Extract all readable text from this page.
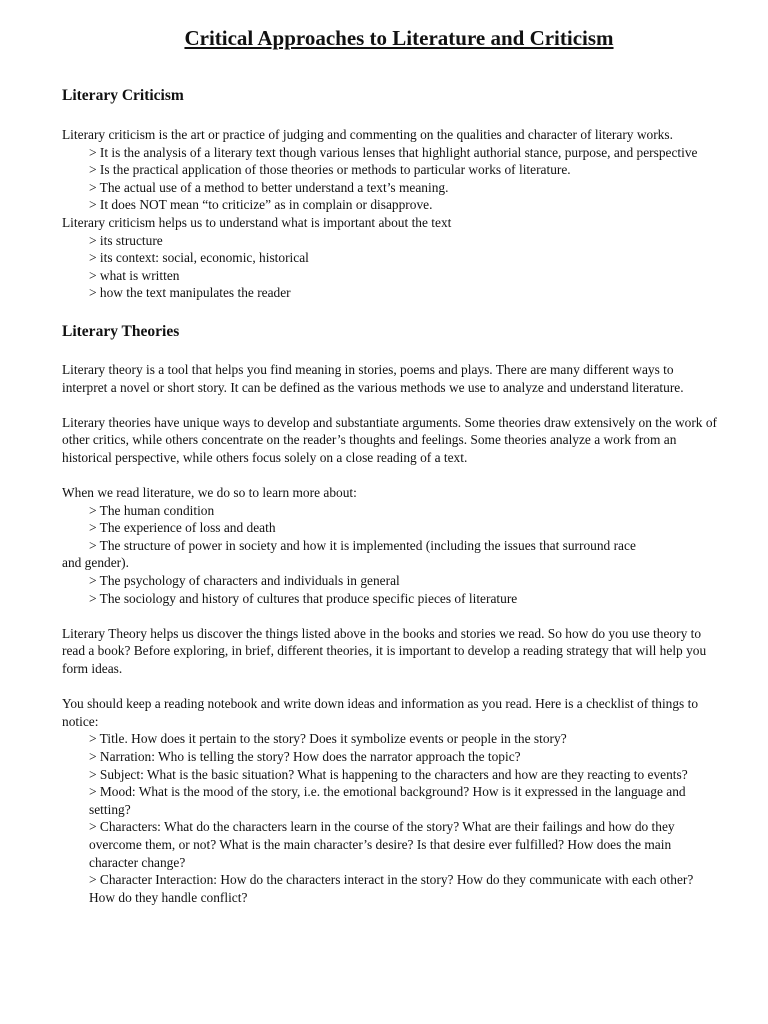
Critical Approaches to Literature and Criticism
Literary Criticism

Literary criticism is the art or practice of judging and commenting on the qualities and character of literary works.

> It is the analysis of a literary text though various lenses that highlight authorial stance, purpose, and perspective

> Is the practical application of those theories or methods to particular works of literature.

> The actual use of a method to better understand a text’s meaning.

> It does NOT mean “to criticize” as in complain or disapprove.

Literary criticism helps us to understand what is important about the text

> its structure

> its context: social, economic, historical

> what is written

> how the text manipulates the reader

Literary Theories

Literary theory is a tool that helps you find meaning in stories, poems and plays. There are many different ways to interpret a novel or short story. It can be defined as the various methods we use to analyze and understand literature.

Literary theories have unique ways to develop and substantiate arguments. Some theories draw extensively on the work of other critics, while others concentrate on the reader’s thoughts and feelings. Some theories analyze a work from an historical perspective, while others focus solely on a close reading of a text.

When we read literature, we do so to learn more about:

> The human condition

> The experience of loss and death

> The structure of power in society and how it is implemented (including the issues that surround race

and gender).

> The psychology of characters and individuals in general

> The sociology and history of cultures that produce specific pieces of literature

Literary Theory helps us discover the things listed above in the books and stories we read. So how do you use theory to read a book? Before exploring, in brief, different theories, it is important to develop a reading strategy that will help you form ideas.

You should keep a reading notebook and write down ideas and information as you read. Here is a checklist of things to notice:

> Title. How does it pertain to the story? Does it symbolize events or people in the story?

> Narration: Who is telling the story? How does the narrator approach the topic?

> Subject: What is the basic situation? What is happening to the characters and how are they reacting to events?

> Mood: What is the mood of the story, i.e. the emotional background? How is it expressed in the language and setting?

> Characters: What do the characters learn in the course of the story? What are their failings and how do they overcome them, or not? What is the main character’s desire? Is that desire ever fulfilled? How does the main character change?

> Character Interaction: How do the characters interact in the story? How do they communicate with each other? How do they handle conflict?
